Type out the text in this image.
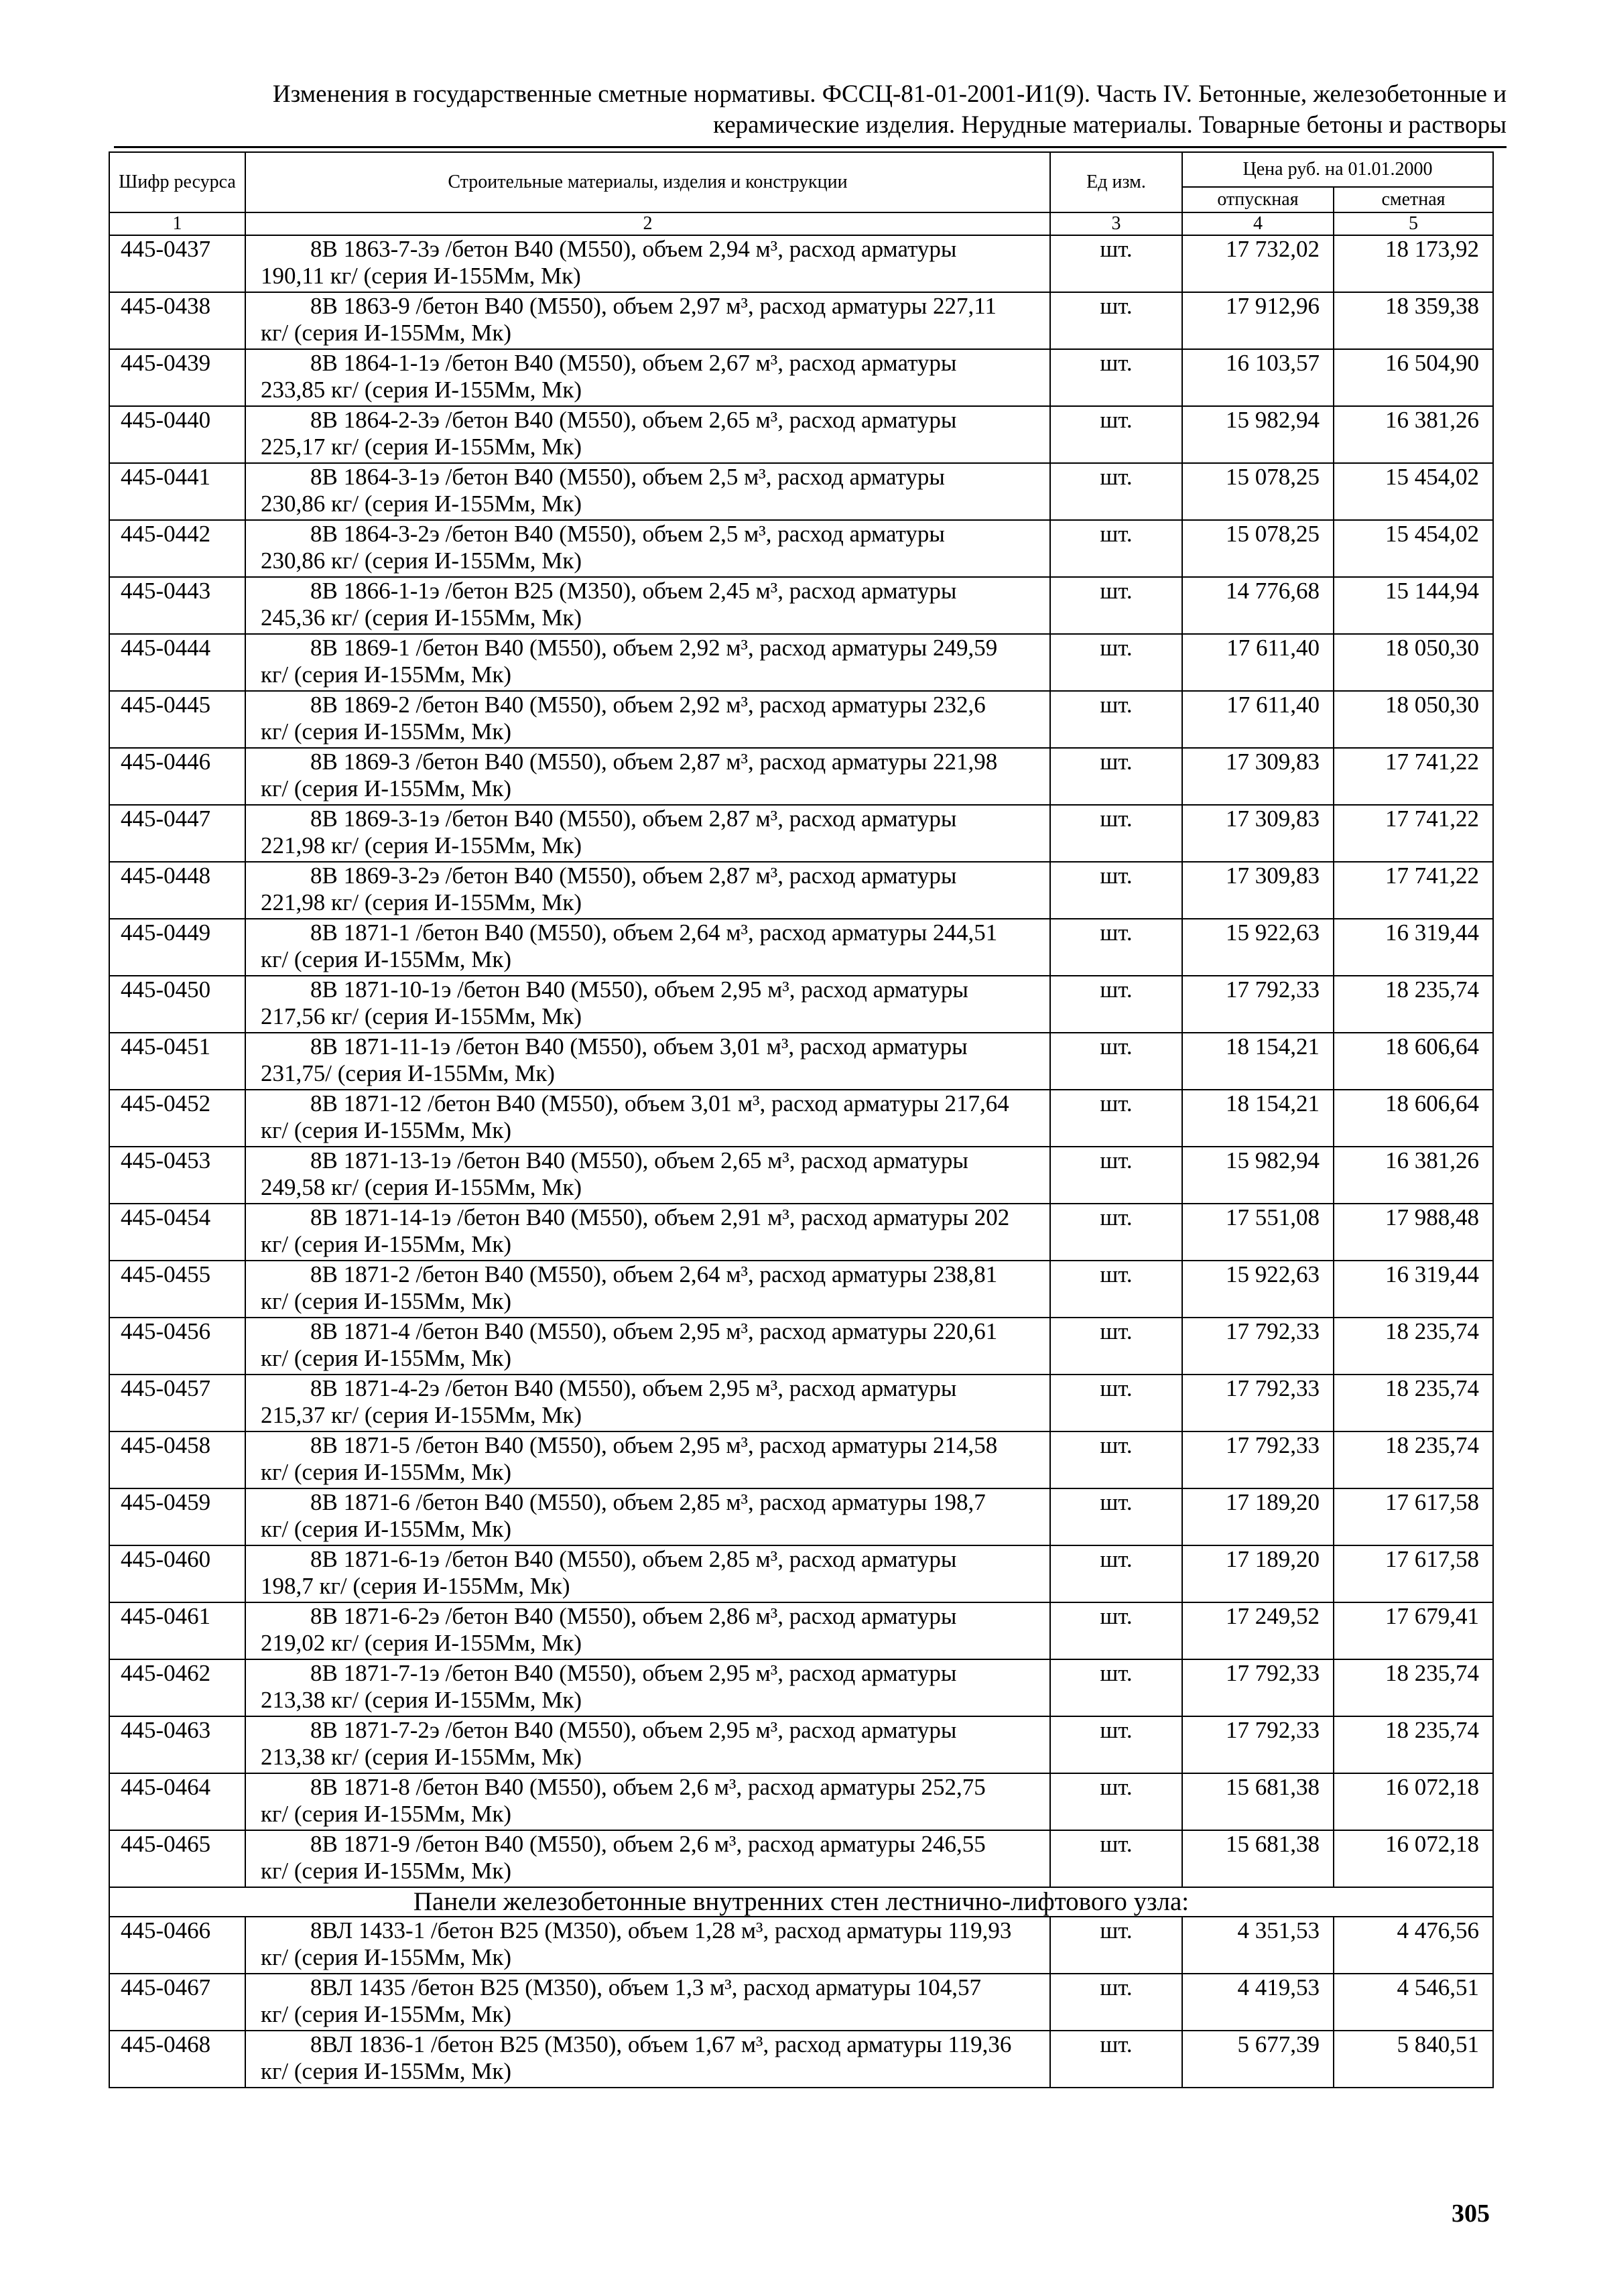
Изменения в государственные сметные нормативы. ФССЦ-81-01-2001-И1(9). Часть IV. Бетонные, железобетонные и
керамические изделия. Нерудные материалы. Товарные бетоны и растворы
Шифр ресурса	Строительные материалы, изделия и конструкции	Ед изм.	Цена руб. на 01.01.2000	
			отпускная	сметная
1	2	3	4	5
445-0437	8В 1863-7-3э /бетон В40 (М550), объем 2,94 м³, расход арматуры
190,11 кг/ (серия И-155Мм, Мк)	шт.	17 732,02	18 173,92
445-0438	8В 1863-9 /бетон В40 (М550), объем 2,97 м³, расход арматуры 227,11
кг/ (серия И-155Мм, Мк)	шт.	17 912,96	18 359,38
445-0439	8В 1864-1-1э /бетон В40 (М550), объем 2,67 м³, расход арматуры
233,85 кг/ (серия И-155Мм, Мк)	шт.	16 103,57	16 504,90
445-0440	8В 1864-2-3э /бетон В40 (М550), объем 2,65 м³, расход арматуры
225,17 кг/ (серия И-155Мм, Мк)	шт.	15 982,94	16 381,26
445-0441	8В 1864-3-1э /бетон В40 (М550), объем 2,5 м³, расход арматуры
230,86 кг/ (серия И-155Мм, Мк)	шт.	15 078,25	15 454,02
445-0442	8В 1864-3-2э /бетон В40 (М550), объем 2,5 м³, расход арматуры
230,86 кг/ (серия И-155Мм, Мк)	шт.	15 078,25	15 454,02
445-0443	8В 1866-1-1э /бетон В25 (М350), объем 2,45 м³, расход арматуры
245,36 кг/ (серия И-155Мм, Мк)	шт.	14 776,68	15 144,94
445-0444	8В 1869-1 /бетон В40 (М550), объем 2,92 м³, расход арматуры 249,59
кг/ (серия И-155Мм, Мк)	шт.	17 611,40	18 050,30
445-0445	8В 1869-2 /бетон В40 (М550), объем 2,92 м³, расход арматуры 232,6
кг/ (серия И-155Мм, Мк)	шт.	17 611,40	18 050,30
445-0446	8В 1869-3 /бетон В40 (М550), объем 2,87 м³, расход арматуры 221,98
кг/ (серия И-155Мм, Мк)	шт.	17 309,83	17 741,22
445-0447	8В 1869-3-1э /бетон В40 (М550), объем 2,87 м³, расход арматуры
221,98 кг/ (серия И-155Мм, Мк)	шт.	17 309,83	17 741,22
445-0448	8В 1869-3-2э /бетон В40 (М550), объем 2,87 м³, расход арматуры
221,98 кг/ (серия И-155Мм, Мк)	шт.	17 309,83	17 741,22
445-0449	8В 1871-1 /бетон В40 (М550), объем 2,64 м³, расход арматуры 244,51
кг/ (серия И-155Мм, Мк)	шт.	15 922,63	16 319,44
445-0450	8В 1871-10-1э /бетон В40 (М550), объем 2,95 м³, расход арматуры
217,56 кг/ (серия И-155Мм, Мк)	шт.	17 792,33	18 235,74
445-0451	8В 1871-11-1э /бетон В40 (М550), объем 3,01 м³, расход арматуры
231,75/ (серия И-155Мм, Мк)	шт.	18 154,21	18 606,64
445-0452	8В 1871-12 /бетон В40 (М550), объем 3,01 м³, расход арматуры 217,64
кг/ (серия И-155Мм, Мк)	шт.	18 154,21	18 606,64
445-0453	8В 1871-13-1э /бетон В40 (М550), объем 2,65 м³, расход арматуры
249,58 кг/ (серия И-155Мм, Мк)	шт.	15 982,94	16 381,26
445-0454	8В 1871-14-1э /бетон В40 (М550), объем 2,91 м³, расход арматуры 202
кг/ (серия И-155Мм, Мк)	шт.	17 551,08	17 988,48
445-0455	8В 1871-2 /бетон В40 (М550), объем 2,64 м³, расход арматуры 238,81
кг/ (серия И-155Мм, Мк)	шт.	15 922,63	16 319,44
445-0456	8В 1871-4 /бетон В40 (М550), объем 2,95 м³, расход арматуры 220,61
кг/ (серия И-155Мм, Мк)	шт.	17 792,33	18 235,74
445-0457	8В 1871-4-2э /бетон В40 (М550), объем 2,95 м³, расход арматуры
215,37 кг/ (серия И-155Мм, Мк)	шт.	17 792,33	18 235,74
445-0458	8В 1871-5 /бетон В40 (М550), объем 2,95 м³, расход арматуры 214,58
кг/ (серия И-155Мм, Мк)	шт.	17 792,33	18 235,74
445-0459	8В 1871-6 /бетон В40 (М550), объем 2,85 м³, расход арматуры 198,7
кг/ (серия И-155Мм, Мк)	шт.	17 189,20	17 617,58
445-0460	8В 1871-6-1э /бетон В40 (М550), объем 2,85 м³, расход арматуры
198,7 кг/ (серия И-155Мм, Мк)	шт.	17 189,20	17 617,58
445-0461	8В 1871-6-2э /бетон В40 (М550), объем 2,86 м³, расход арматуры
219,02 кг/ (серия И-155Мм, Мк)	шт.	17 249,52	17 679,41
445-0462	8В 1871-7-1э /бетон В40 (М550), объем 2,95 м³, расход арматуры
213,38 кг/ (серия И-155Мм, Мк)	шт.	17 792,33	18 235,74
445-0463	8В 1871-7-2э /бетон В40 (М550), объем 2,95 м³, расход арматуры
213,38 кг/ (серия И-155Мм, Мк)	шт.	17 792,33	18 235,74
445-0464	8В 1871-8 /бетон В40 (М550), объем 2,6 м³, расход арматуры 252,75
кг/ (серия И-155Мм, Мк)	шт.	15 681,38	16 072,18
445-0465	8В 1871-9 /бетон В40 (М550), объем 2,6 м³, расход арматуры 246,55
кг/ (серия И-155Мм, Мк)	шт.	15 681,38	16 072,18
Панели железобетонные внутренних стен лестнично-лифтового узла:				
445-0466	8ВЛ 1433-1 /бетон В25 (М350), объем 1,28 м³, расход арматуры 119,93
кг/ (серия И-155Мм, Мк)	шт.	4 351,53	4 476,56
445-0467	8ВЛ 1435 /бетон В25 (М350), объем 1,3 м³, расход арматуры 104,57
кг/ (серия И-155Мм, Мк)	шт.	4 419,53	4 546,51
445-0468	8ВЛ 1836-1 /бетон В25 (М350), объем 1,67 м³, расход арматуры 119,36
кг/ (серия И-155Мм, Мк)	шт.	5 677,39	5 840,51
305
